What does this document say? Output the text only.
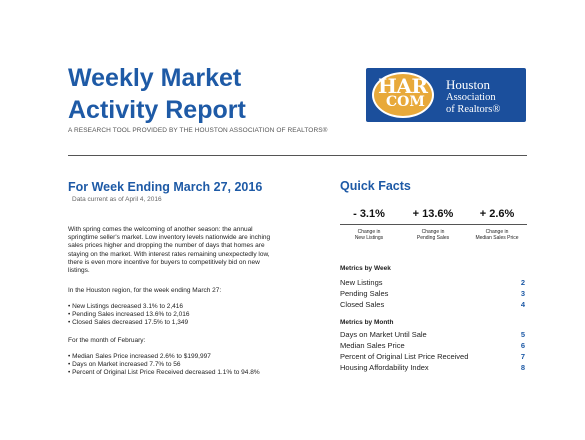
Weekly Market
Activity Report
A RESEARCH TOOL PROVIDED BY THE HOUSTON ASSOCIATION OF REALTORS®
HAR
COM
Houston
Association
of Realtors®
For Week Ending March 27, 2016
Data current as of April 4, 2016
With spring comes the welcoming of another season: the annual
springtime seller's market. Low inventory levels nationwide are inching
sales prices higher and dropping the number of days that homes are
staying on the market. With interest rates remaining unexpectedly low,
there is even more incentive for buyers to competitively bid on new
listings.
In the Houston region, for the week ending March 27:
• New Listings decreased 3.1% to 2,416
• Pending Sales increased 13.6% to 2,016
• Closed Sales decreased 17.5% to 1,349
For the month of February:
• Median Sales Price increased 2.6% to $199,997
• Days on Market increased 7.7% to 56
• Percent of Original List Price Received decreased 1.1% to 94.8%
Quick Facts
- 3.1%	+ 13.6%	+ 2.6%
Change in
New Listings
Change in
Pending Sales
Change in
Median Sales Price
Metrics by Week
New Listings	2
Pending Sales	3
Closed Sales	4
Metrics by Month
Days on Market Until Sale	5
Median Sales Price	6
Percent of Original List Price Received	7
Housing Affordability Index	8
